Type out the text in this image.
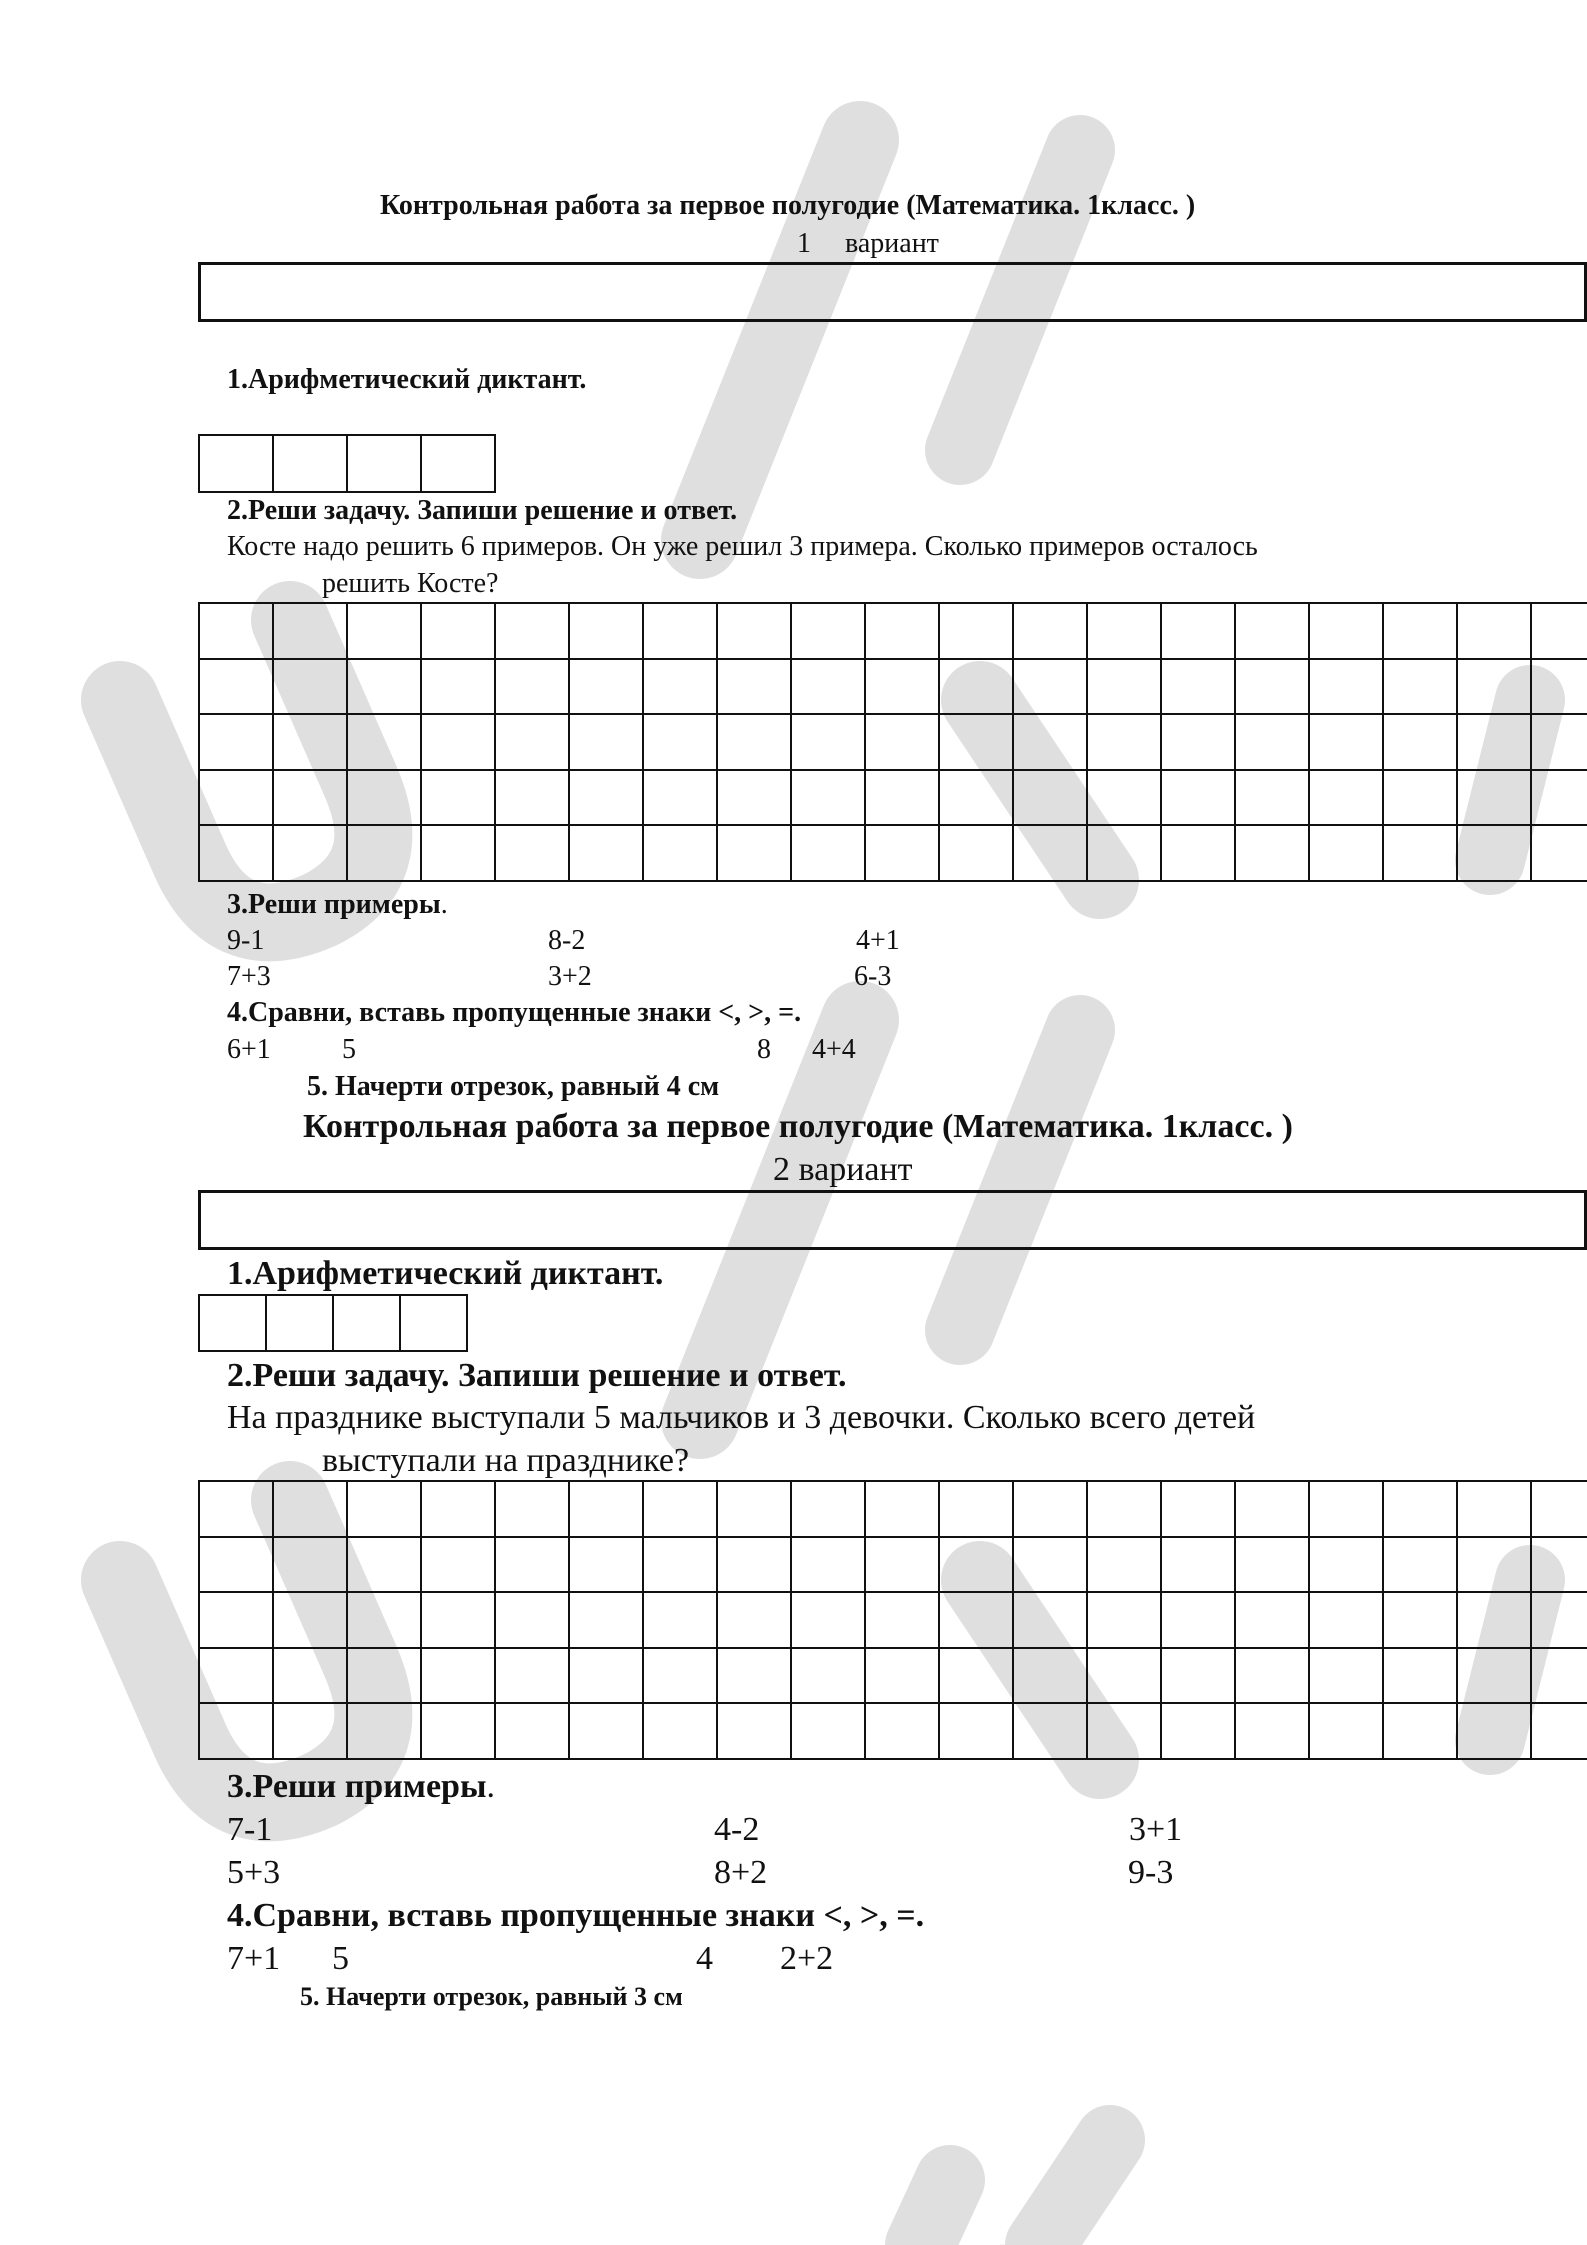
Контрольная работа за первое полугодие (Математика. 1класс. )
1 вариант
1.Арифметический диктант.
2.Реши задачу. Запиши решение и ответ.
Косте надо решить 6 примеров. Он уже решил 3 примера. Сколько примеров осталось
решить Косте?
3.Реши примеры.
9-1	8-2	4+1
7+3	3+2	6-3
4.Сравни, вставь пропущенные знаки <, >, =.
6+1	5	8 4+4
5. Начерти отрезок, равный 4 см
Контрольная работа за первое полугодие (Математика. 1класс. )
2 вариант
1.Арифметический диктант.
2.Реши задачу. Запиши решение и ответ.
На празднике выступали 5 мальчиков и 3 девочки. Сколько всего детей
выступали на празднике?
3.Реши примеры.
7-1	4-2	3+1
5+3	8+2	9-3
4.Сравни, вставь пропущенные знаки <, >, =.
7+1 5	4 2+2
5. Начерти отрезок, равный 3 см
